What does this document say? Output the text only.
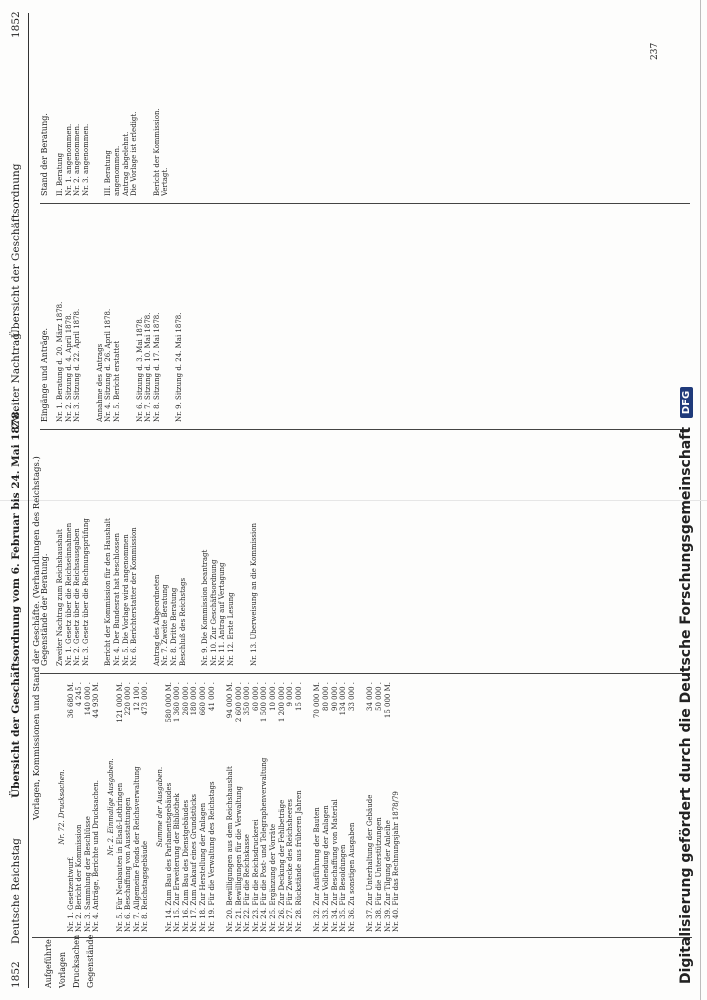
1852
Deutsche Reichstag
Übersicht der Geschäftsordnung vom 6. Februar bis 24. Mai 1878.
Zweiter Nachtrag.
Übersicht der Geschäftsordnung
1852
Vorlagen, Kommissionen und Stand der Geschäfte. (Verhandlungen des Reichstags.)
Aufgeführte Vorlagen Drucksachen Gegenstände
Nr. 72. Drucksachen.
36 680 M.
Nr. 1. Gesetzentwurf.
4 245 .
Nr. 2. Bericht der Kommission
140 000 .
Nr. 3. Sammlung der Beschlüsse
44 930 M.
Nr. 4. Anträge, Berichte und Drucksachen. Nr. 2. Einmalige Ausgaben.
121 000 M.
Nr. 5. Für Neubauten in Elsaß-Lothringen
220 000 .
Nr. 6. Beschaffung von Ausstattungen
12 100 .
Nr. 7. Allgemeine Fonds der Reichsverwaltung
473 000 .
Nr. 8. Reichstagsgebäude
Summe der Ausgaben.
580 000 M.
Nr. 14. Zum Bau des Parlamentsgebäudes
1 360 000 .
Nr. 15. Zur Erweiterung der Bibliothek
260 000 .
Nr. 16. Zum Bau des Dienstgebäudes
180 000 .
Nr. 17. Zum Ankauf eines Grundstücks
660 000 .
Nr. 18. Zur Herstellung der Anlagen
41 000 .
Nr. 19. Für die Verwaltung des Reichstags
94 000 M.
Nr. 20. Bewilligungen aus dem Reichshaushalt
2 600 000 .
Nr. 21. Bewilligungen für die Verwaltung
350 000 .
Nr. 22. Für die Reichskasse
60 000 .
Nr. 23. Für die Reichsdruckerei
1 500 000 .
Nr. 24. Für die Post- und Telegraphenverwaltung
10 000 .
Nr. 25. Ergänzung der Vorräte
1 200 000 .
Nr. 26. Zur Deckung der Fehlbeträge
9 000 .
Nr. 27. Für Zwecke des Reichsheeres
15 000 .
Nr. 28. Rückstände aus früheren Jahren
70 000 M.
Nr. 32. Zur Ausführung der Bauten
80 000 .
Nr. 33. Zur Vollendung der Anlagen
90 000 .
Nr. 34. Zur Beschaffung von Material
134 000 .
Nr. 35. Für Besoldungen
33 000 .
Nr. 36. Zu sonstigen Ausgaben
34 000 .
Nr. 37. Zur Unterhaltung der Gebäude
50 000 .
Nr. 38. Für die Unterstützungen
15 000 M.
Nr. 39. Zur Tilgung der Anleihe Nr. 40. Für das Rechnungsjahr 1878/79
Gegenstände der Beratung. Zweiter Nachtrag zum Reichshaushalt Nr. 1. Gesetz über die Reichseinnahmen Nr. 2. Gesetz über die Reichsausgaben Nr. 3. Gesetz über die Rechnungsprüfung Bericht der Kommission für den Haushalt Nr. 4. Der Bundesrat hat beschlossen Nr. 5. Die Vorlage wird angenommen Nr. 6. Berichterstatter der Kommission Antrag des Abgeordneten Nr. 7. Zweite Beratung Nr. 8. Dritte Beratung Beschluß des Reichstags Nr. 9. Die Kommission beantragt Nr. 10. Zur Geschäftsordnung Nr. 11. Antrag auf Vertagung Nr. 12. Erste Lesung Nr. 13. Überweisung an die Kommission
Eingänge und Anträge. Nr. 1. Beratung d. 20. März 1878. Nr. 2. Sitzung d. 4. April 1878. Nr. 3. Sitzung d. 22. April 1878. Annahme des Antrags Nr. 4. Sitzung d. 26. April 1878. Nr. 5. Bericht erstattet Nr. 6. Sitzung d. 3. Mai 1878. Nr. 7. Sitzung d. 10. Mai 1878. Nr. 8. Sitzung d. 17. Mai 1878. Nr. 9. Sitzung d. 24. Mai 1878.
Stand der Beratung. II. Beratung Nr. 1. angenommen. Nr. 2. angenommen. Nr. 3. angenommen. III. Beratung angenommen. Antrag abgelehnt. Die Vorlage ist erledigt. Bericht der Kommission. Vertagt.
237
Digitalisierung gefördert durch die Deutsche Forschungsgemeinschaft DFG
